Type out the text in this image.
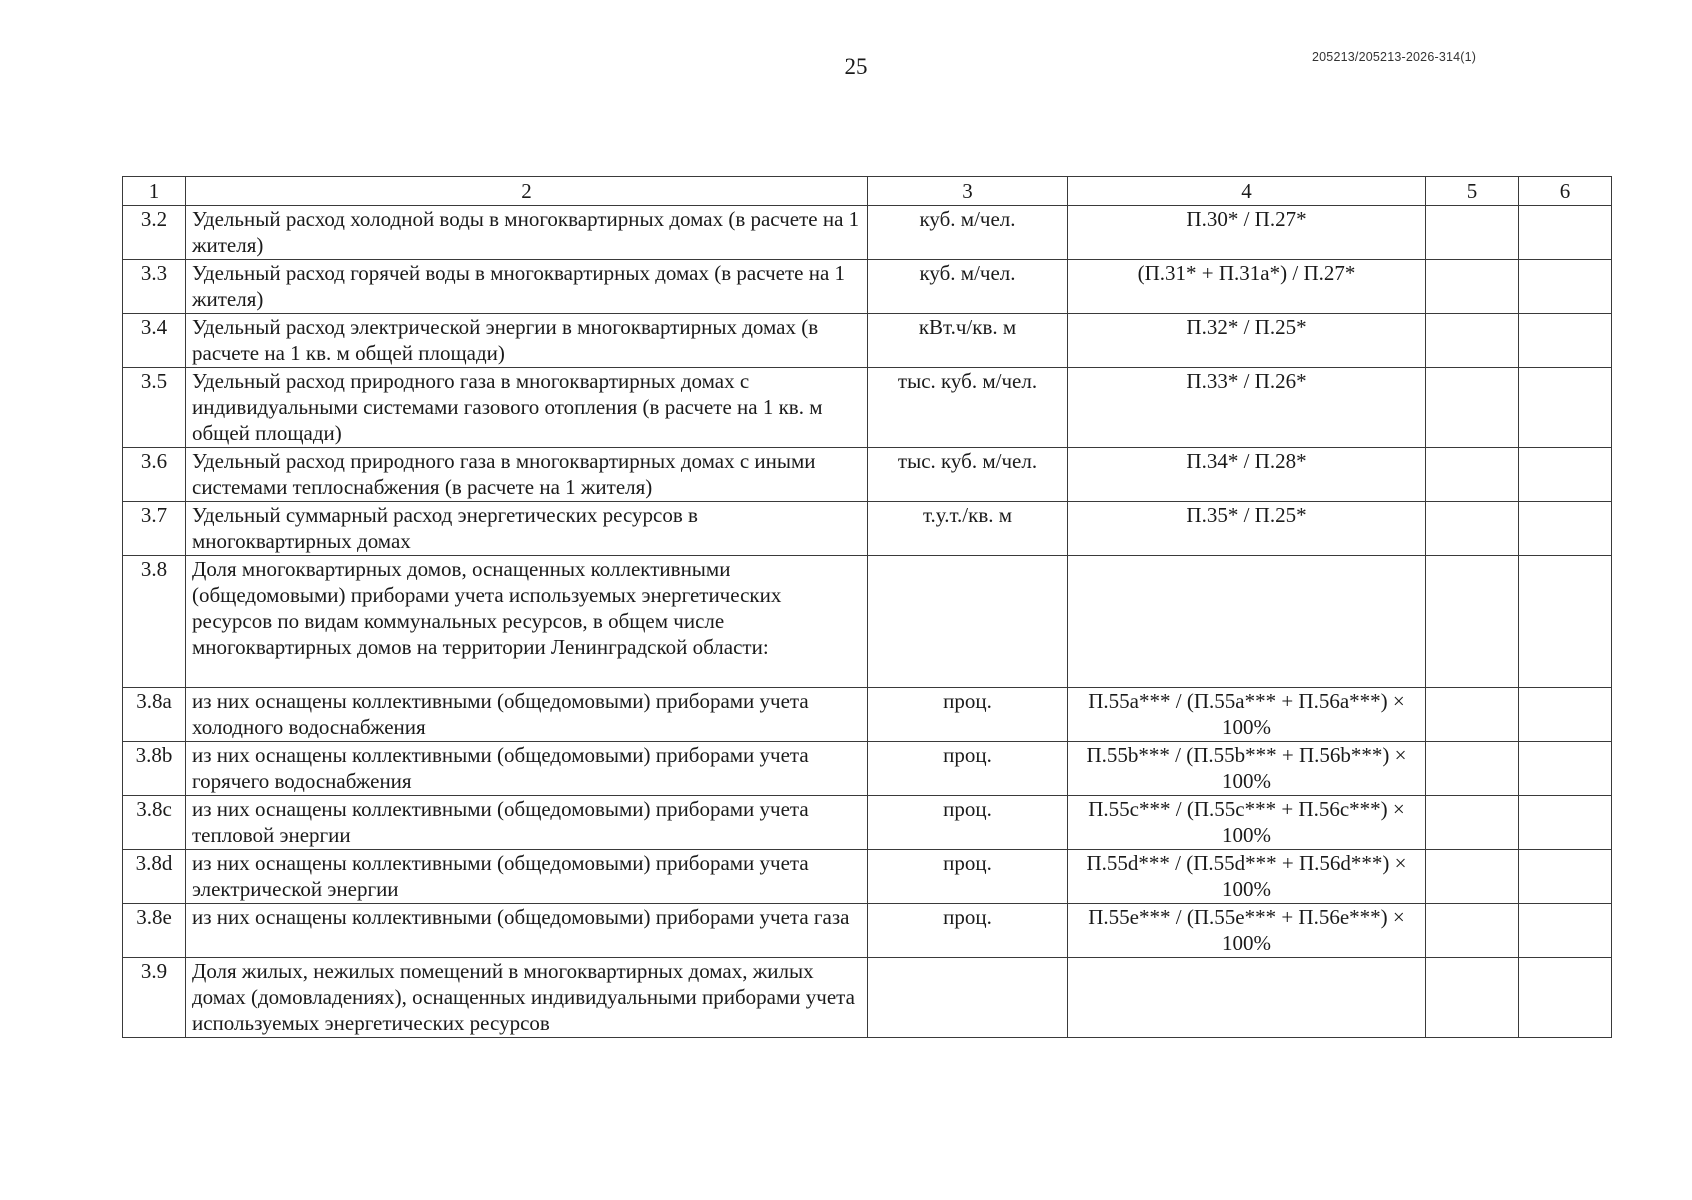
25	205213/205213-2026-314(1)
1	2	3	4	5	6
3.2	Удельный расход холодной воды в многоквартирных домах (в расчете на 1 жителя)	куб. м/чел.	П.30* / П.27*		
3.3	Удельный расход горячей воды в многоквартирных домах (в расчете на 1 жителя)	куб. м/чел.	(П.31* + П.31а*) / П.27*		
3.4	Удельный расход электрической энергии в многоквартирных домах (в расчете на 1 кв. м общей площади)	кВт.ч/кв. м	П.32* / П.25*		
3.5	Удельный расход природного газа в многоквартирных домах с индивидуальными системами газового отопления (в расчете на 1 кв. м общей площади)	тыс. куб. м/чел.	П.33* / П.26*		
3.6	Удельный расход природного газа в многоквартирных домах с иными системами теплоснабжения (в расчете на 1 жителя)	тыс. куб. м/чел.	П.34* / П.28*		
3.7	Удельный суммарный расход энергетических ресурсов в многоквартирных домах	т.у.т./кв. м	П.35* / П.25*		
3.8	Доля многоквартирных домов, оснащенных коллективными (общедомовыми) приборами учета используемых энергетических ресурсов по видам коммунальных ресурсов, в общем числе многоквартирных домов на территории Ленинградской области:				
3.8a	из них оснащены коллективными (общедомовыми) приборами учета холодного водоснабжения	проц.	П.55a*** / (П.55a*** + П.56a***) × 100%		
3.8b	из них оснащены коллективными (общедомовыми) приборами учета горячего водоснабжения	проц.	П.55b*** / (П.55b*** + П.56b***) × 100%		
3.8c	из них оснащены коллективными (общедомовыми) приборами учета тепловой энергии	проц.	П.55c*** / (П.55c*** + П.56c***) × 100%		
3.8d	из них оснащены коллективными (общедомовыми) приборами учета электрической энергии	проц.	П.55d*** / (П.55d*** + П.56d***) × 100%		
3.8e	из них оснащены коллективными (общедомовыми) приборами учета газа	проц.	П.55e*** / (П.55e*** + П.56e***) × 100%		
3.9	Доля жилых, нежилых помещений в многоквартирных домах, жилых домах (домовладениях), оснащенных индивидуальными приборами учета используемых энергетических ресурсов				
